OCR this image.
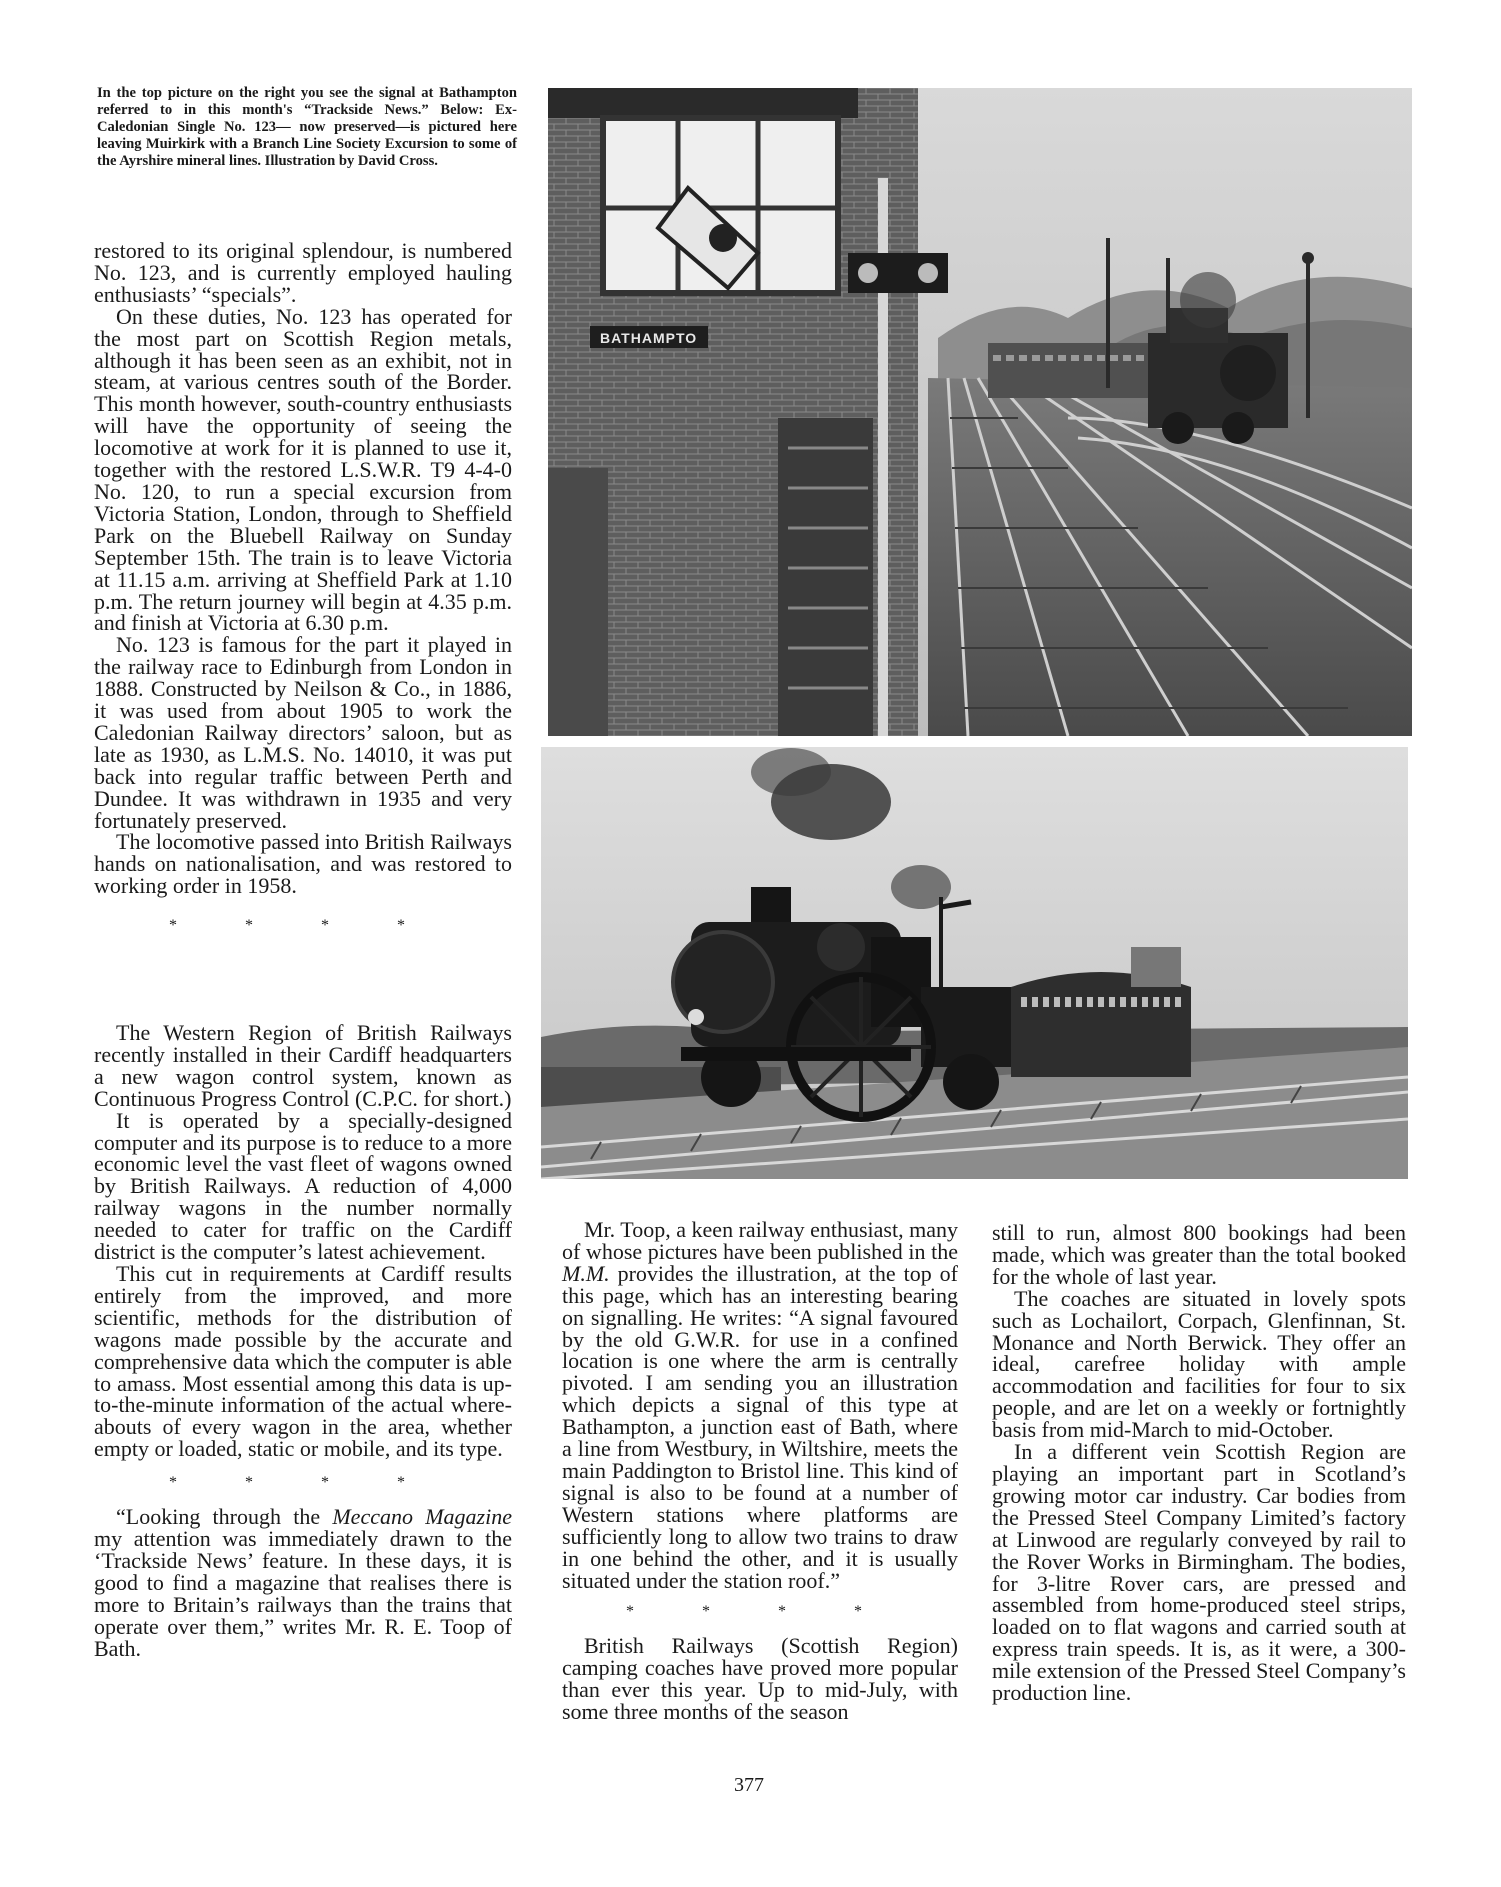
In the top picture on the right you see the signal at Bathampton referred to in this month's “Trackside News.” Below: Ex-Caledonian Single No. 123— now preserved—is pictured here leaving Muirkirk with a Branch Line Society Excursion to some of the Ayrshire mineral lines. Illustration by David Cross.

restored to its original splendour, is numbered No. 123, and is currently employed hauling enthusiasts’ “specials”.

On these duties, No. 123 has operated for the most part on Scottish Region metals, although it has been seen as an exhibit, not in steam, at various centres south of the Border. This month however, south-country enthusiasts will have the opportunity of seeing the locomotive at work for it is planned to use it, together with the restored L.S.W.R. T9 4-4-0 No. 120, to run a special excursion from Victoria Station, London, through to Sheffield Park on the Bluebell Railway on Sunday September 15th. The train is to leave Victoria at 11.15 a.m. arriving at Sheffield Park at 1.10 p.m. The return journey will begin at 4.35 p.m. and finish at Victoria at 6.30 p.m.

No. 123 is famous for the part it played in the railway race to Edinburgh from London in 1888. Constructed by Neilson & Co., in 1886, it was used from about 1905 to work the Caledonian Railway directors’ saloon, but as late as 1930, as L.M.S. No. 14010, it was put back into regular traffic between Perth and Dundee. It was withdrawn in 1935 and very fortunately preserved.

The locomotive passed into British Railways hands on nationalisation, and was restored to working order in 1958.

* * * *

The Western Region of British Railways recently installed in their Cardiff headquarters a new wagon control system, known as Continuous Progress Control (C.P.C. for short.)

It is operated by a specially-designed computer and its purpose is to reduce to a more economic level the vast fleet of wagons owned by British Railways. A reduction of 4,000 railway wagons in the number normally needed to cater for traffic on the Cardiff district is the computer’s latest achievement.

This cut in requirements at Cardiff results entirely from the improved, and more scientific, methods for the distribution of wagons made possible by the accurate and comprehensive data which the computer is able to amass. Most essential among this data is up-to-the-minute information of the actual whereabouts of every wagon in the area, whether empty or loaded, static or mobile, and its type.

* * * *

“Looking through the Meccano Magazine my attention was immediately drawn to the ‘Trackside News’ feature. In these days, it is good to find a magazine that realises there is more to Britain’s railways than the trains that operate over them,” writes Mr. R. E. Toop of Bath.

BATHAMPTO

Mr. Toop, a keen railway enthusiast, many of whose pictures have been published in the M.M. provides the illustration, at the top of this page, which has an interesting bearing on signalling. He writes: “A signal favoured by the old G.W.R. for use in a confined location is one where the arm is centrally pivoted. I am sending you an illustration which depicts a signal of this type at Bathampton, a junction east of Bath, where a line from Westbury, in Wiltshire, meets the main Paddington to Bristol line. This kind of signal is also to be found at a number of Western stations where platforms are sufficiently long to allow two trains to draw in one behind the other, and it is usually situated under the station roof.”

* * * *

British Railways (Scottish Region) camping coaches have proved more popular than ever this year. Up to mid-July, with some three months of the season

still to run, almost 800 bookings had been made, which was greater than the total booked for the whole of last year.

The coaches are situated in lovely spots such as Lochailort, Corpach, Glenfinnan, St. Monance and North Berwick. They offer an ideal, carefree holiday with ample accommodation and facilities for four to six people, and are let on a weekly or fortnightly basis from mid-March to mid-October.

In a different vein Scottish Region are playing an important part in Scotland’s growing motor car industry. Car bodies from the Pressed Steel Company Limited’s factory at Linwood are regularly conveyed by rail to the Rover Works in Birmingham. The bodies, for 3-litre Rover cars, are pressed and assembled from home-produced steel strips, loaded on to flat wagons and carried south at express train speeds. It is, as it were, a 300-mile extension of the Pressed Steel Company’s production line.

377
